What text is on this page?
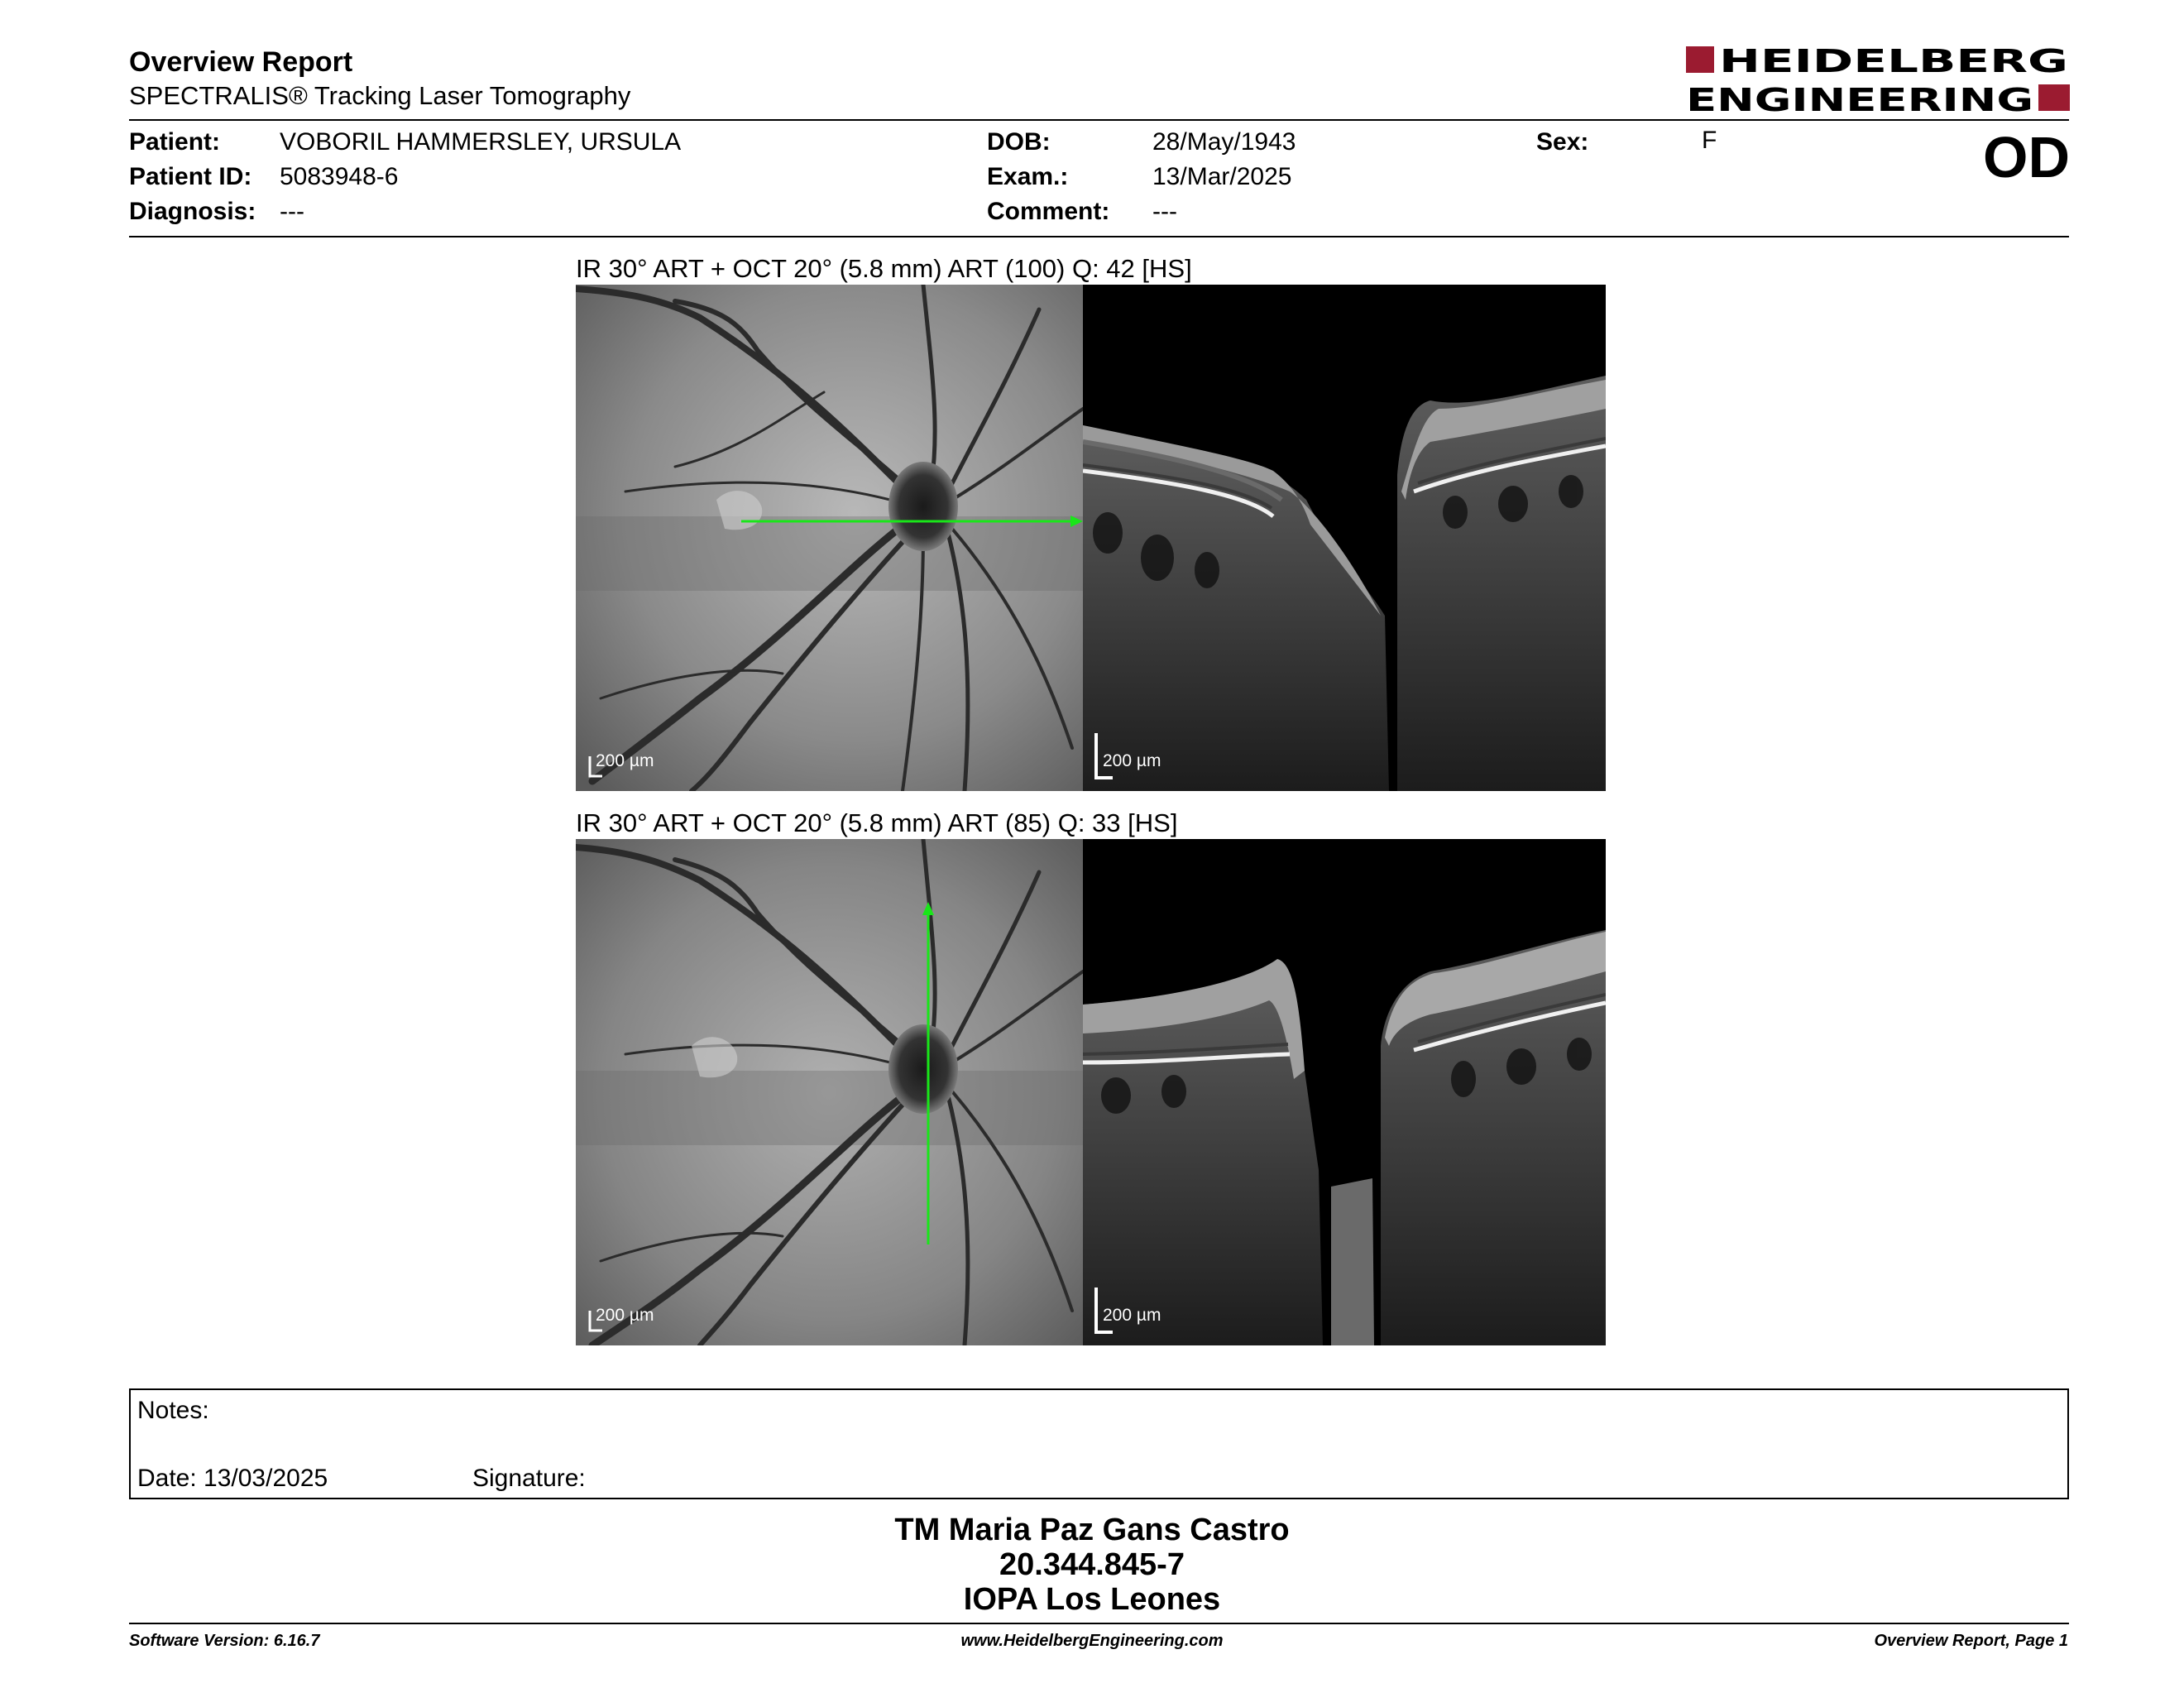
Overview Report
SPECTRALIS® Tracking Laser Tomography
HEIDELBERG
ENGINEERING
Patient: VOBORIL HAMMERSLEY, URSULA
Patient ID: 5083948-6
Diagnosis: ---
DOB:	28/May/1943
Exam.:	13/Mar/2025
Comment: ---
Sex:	F	OD
IR 30° ART + OCT 20° (5.8 mm) ART (100) Q: 42 [HS]
200 µm	200 µm
IR 30° ART + OCT 20° (5.8 mm) ART (85) Q: 33 [HS]
200 µm	200 µm
Notes:
Date: 13/03/2025	Signature:
TM Maria Paz Gans Castro
20.344.845-7
IOPA Los Leones
Software Version: 6.16.7	www.HeidelbergEngineering.com	Overview Report, Page 1
